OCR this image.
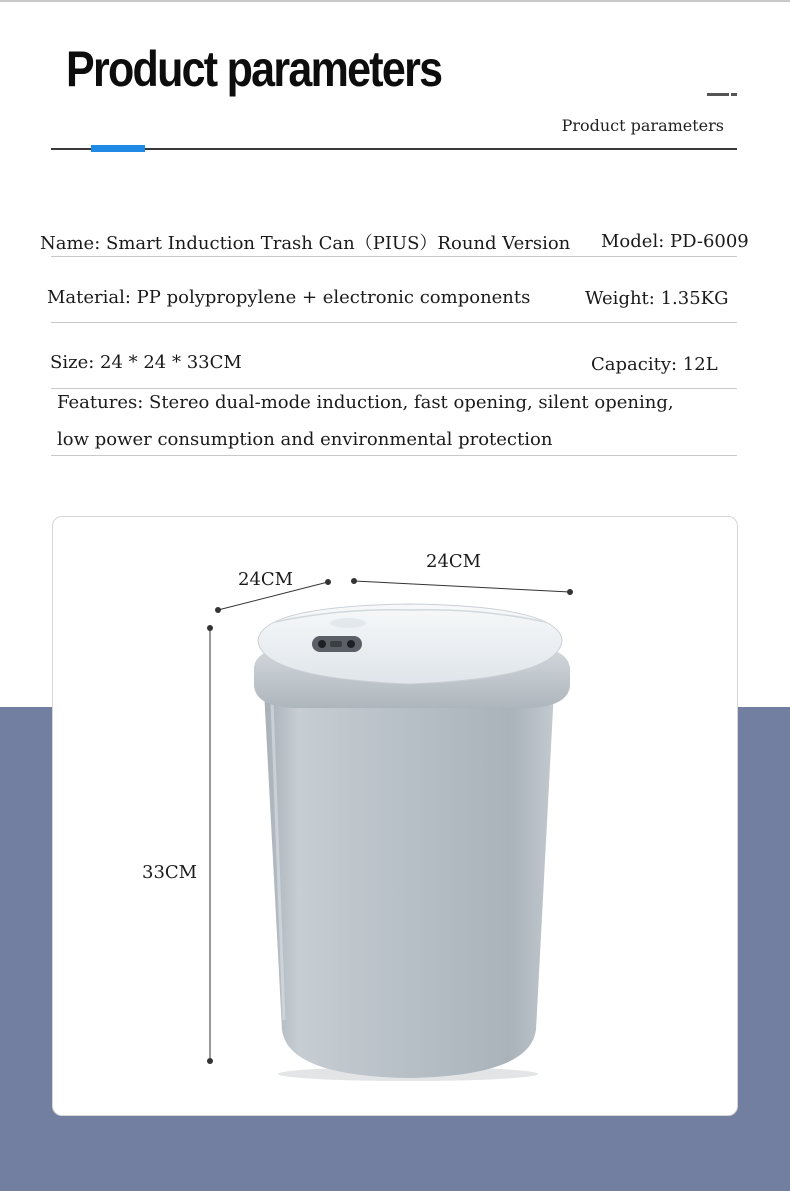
Product parameters
Product parameters
Name: Smart Induction Trash Can（PIUS）Round Version Model: PD-6009
Material: PP polypropylene + electronic components	Weight: 1.35KG
Size: 24 * 24 * 33CM	Capacity: 12L
Features: Stereo dual-mode induction, fast opening, silent opening,
low power consumption and environmental protection
24CM
24CM
33CM
